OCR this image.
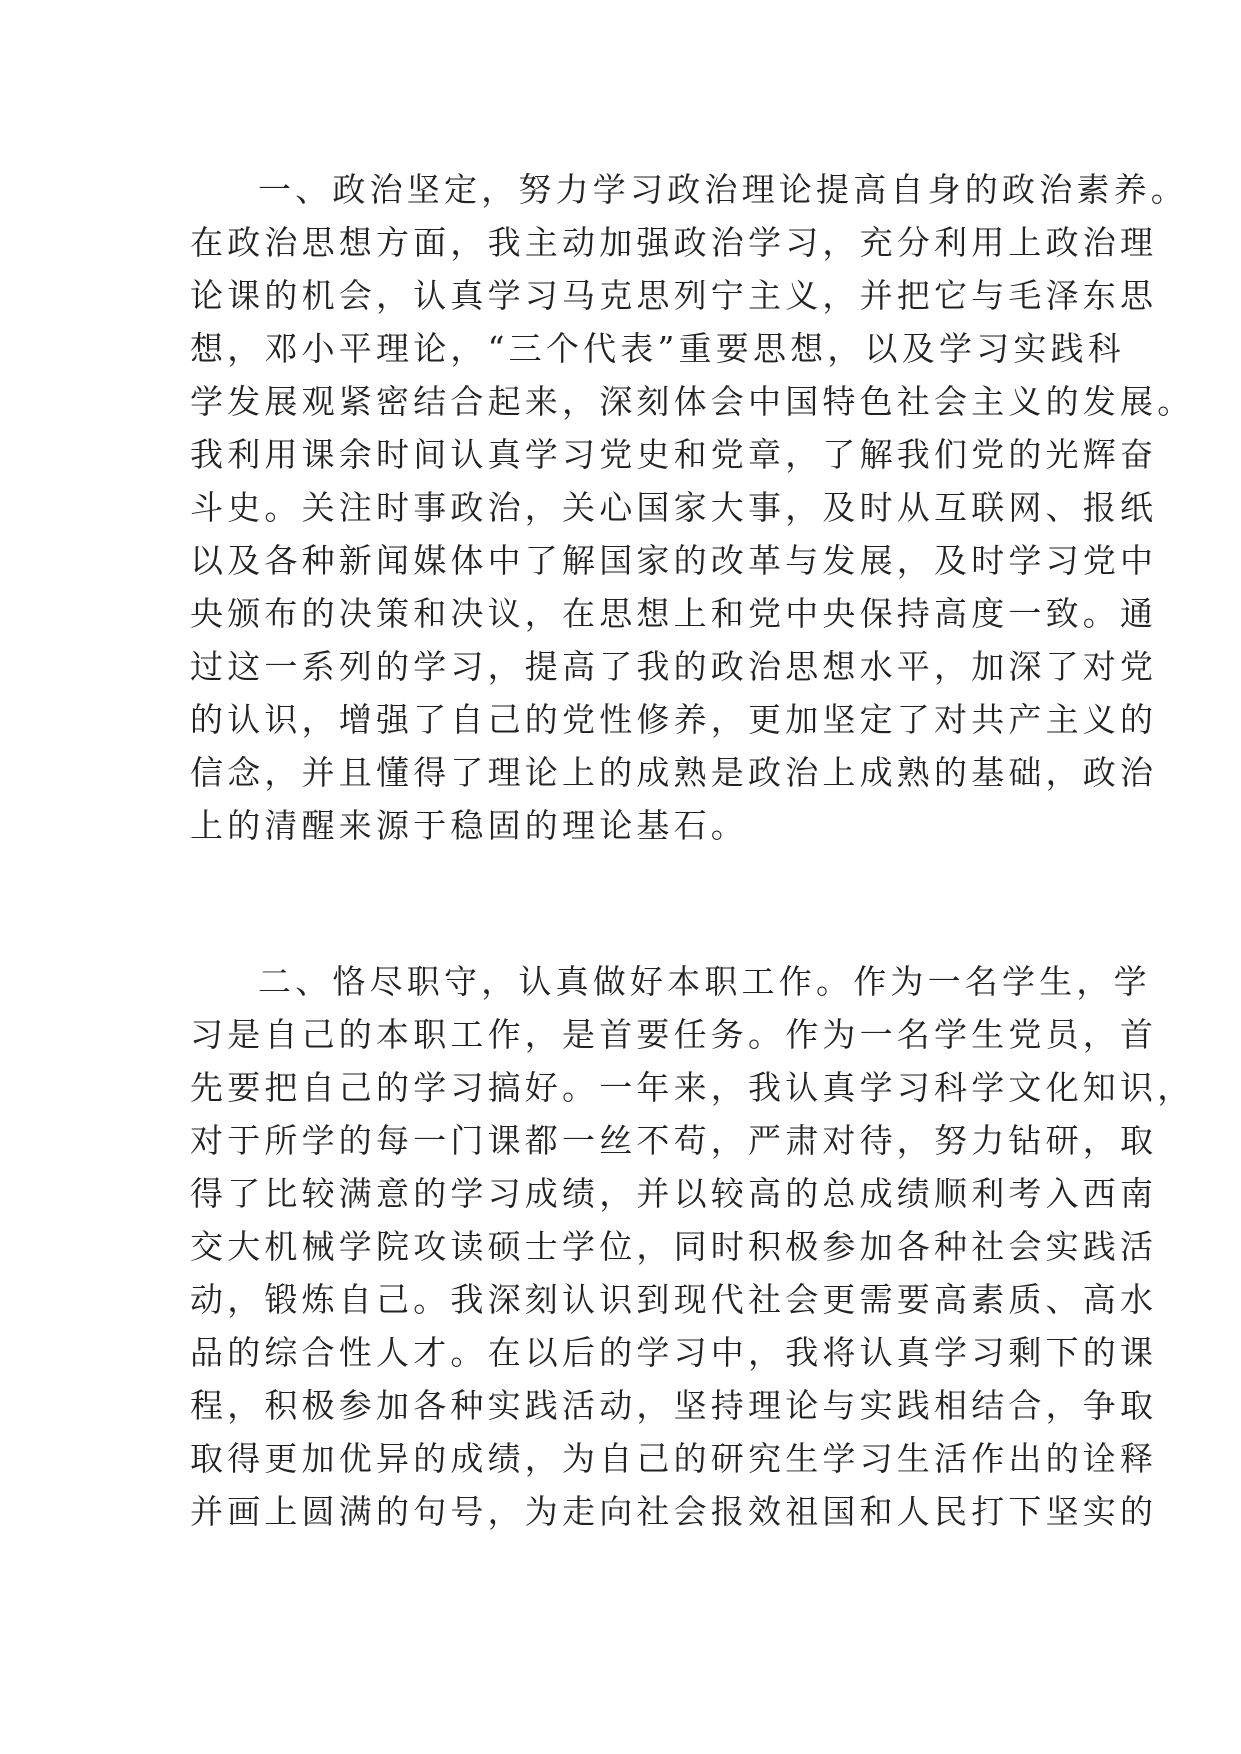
一、政治坚定，努力学习政治理论提高自身的政治素养。
在政治思想方面，我主动加强政治学习，充分利用上政治理
论课的机会，认真学习马克思列宁主义，并把它与毛泽东思
想，邓小平理论，“三个代表”重要思想，以及学习实践科
学发展观紧密结合起来，深刻体会中国特色社会主义的发展。
我利用课余时间认真学习党史和党章，了解我们党的光辉奋
斗史。关注时事政治，关心国家大事，及时从互联网、报纸
以及各种新闻媒体中了解国家的改革与发展，及时学习党中
央颁布的决策和决议，在思想上和党中央保持高度一致。通
过这一系列的学习，提高了我的政治思想水平，加深了对党
的认识，增强了自己的党性修养，更加坚定了对共产主义的
信念，并且懂得了理论上的成熟是政治上成熟的基础，政治
上的清醒来源于稳固的理论基石。
二、恪尽职守，认真做好本职工作。作为一名学生，学
习是自己的本职工作，是首要任务。作为一名学生党员，首
先要把自己的学习搞好。一年来，我认真学习科学文化知识，
对于所学的每一门课都一丝不苟，严肃对待，努力钻研，取
得了比较满意的学习成绩，并以较高的总成绩顺利考入西南
交大机械学院攻读硕士学位，同时积极参加各种社会实践活
动，锻炼自己。我深刻认识到现代社会更需要高素质、高水
品的综合性人才。在以后的学习中，我将认真学习剩下的课
程，积极参加各种实践活动，坚持理论与实践相结合，争取
取得更加优异的成绩，为自己的研究生学习生活作出的诠释
并画上圆满的句号，为走向社会报效祖国和人民打下坚实的
